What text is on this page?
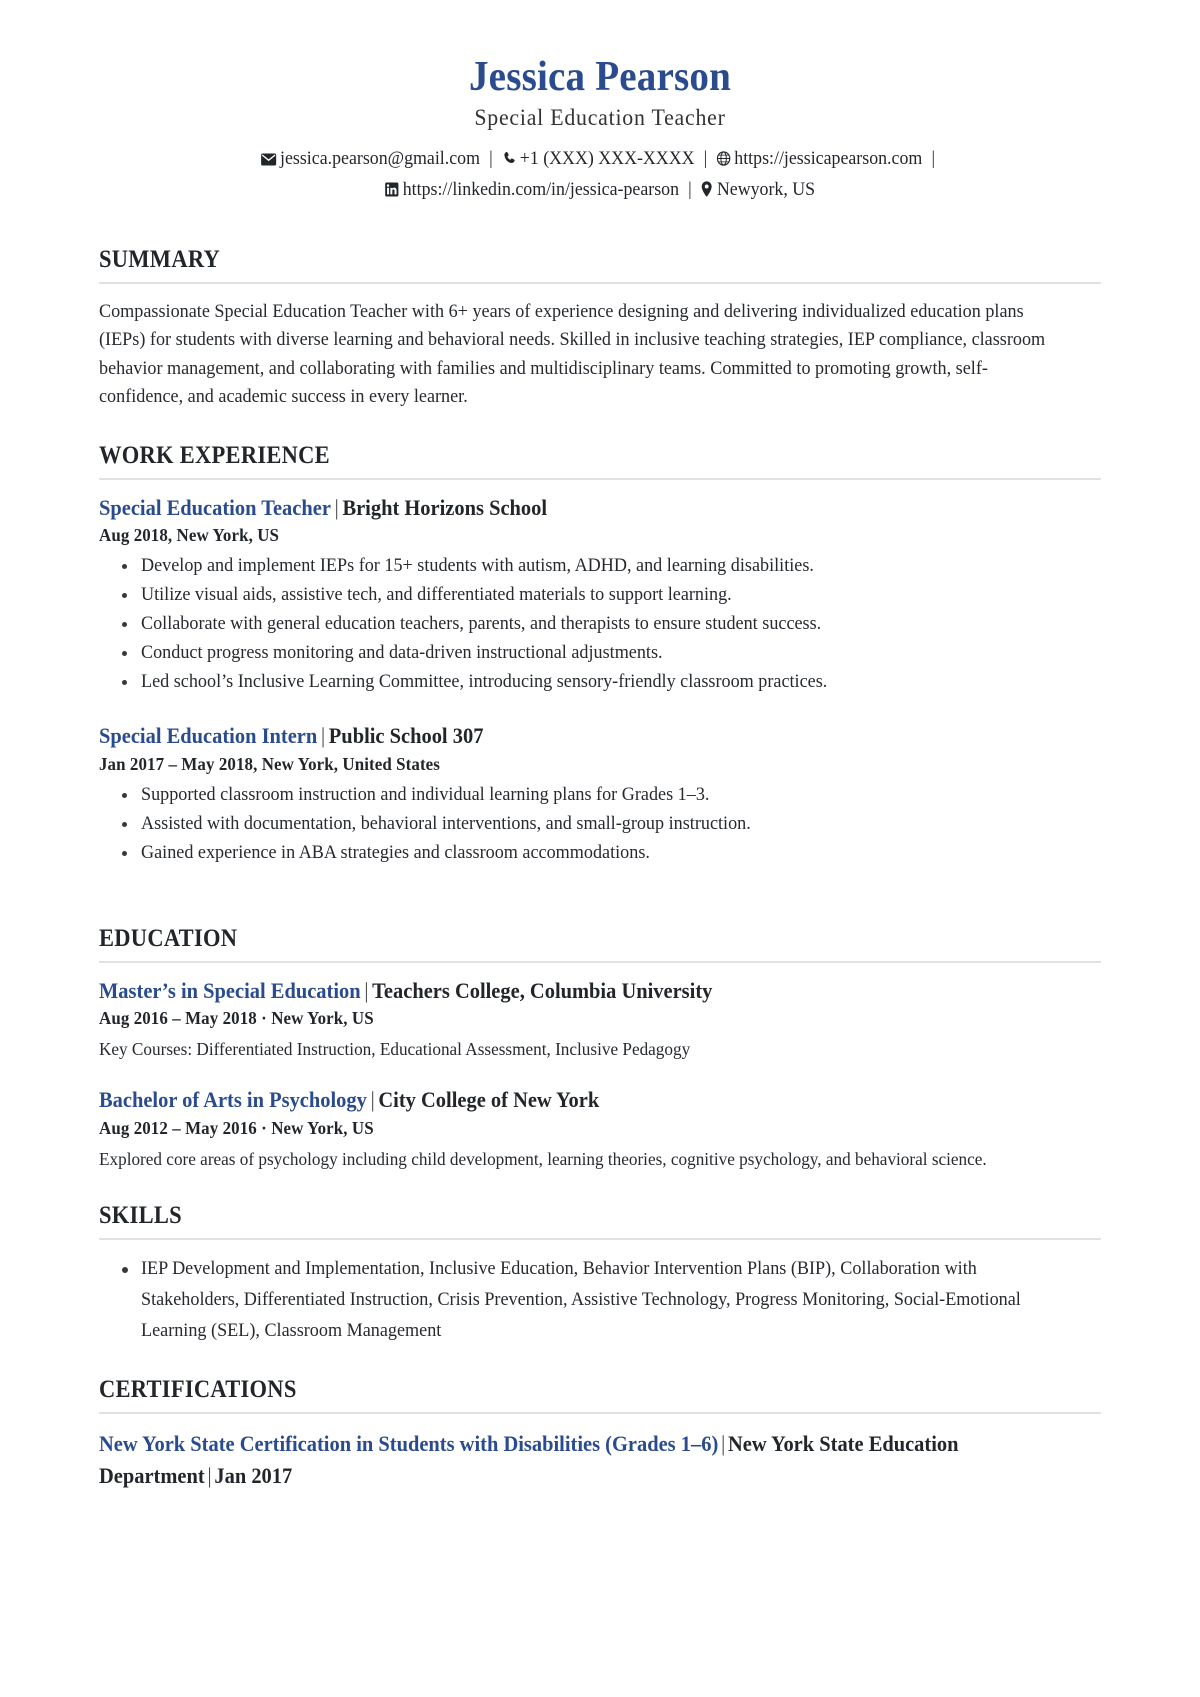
Jessica Pearson
Special Education Teacher
jessica.pearson@gmail.com | +1 (XXX) XXX-XXXX | https://jessicapearson.com |
https://linkedin.com/in/jessica-pearson | Newyork, US
SUMMARY

Compassionate Special Education Teacher with 6+ years of experience designing and delivering individualized education plans (IEPs) for students with diverse learning and behavioral needs. Skilled in inclusive teaching strategies, IEP compliance, classroom behavior management, and collaborating with families and multidisciplinary teams. Committed to promoting growth, self-confidence, and academic success in every learner.

WORK EXPERIENCE
Special Education Teacher | Bright Horizons School
Aug 2018, New York, US
Develop and implement IEPs for 15+ students with autism, ADHD, and learning disabilities.
Utilize visual aids, assistive tech, and differentiated materials to support learning.
Collaborate with general education teachers, parents, and therapists to ensure student success.
Conduct progress monitoring and data-driven instructional adjustments.
Led school’s Inclusive Learning Committee, introducing sensory-friendly classroom practices.
Special Education Intern | Public School 307
Jan 2017 – May 2018, New York, United States
Supported classroom instruction and individual learning plans for Grades 1–3.
Assisted with documentation, behavioral interventions, and small-group instruction.
Gained experience in ABA strategies and classroom accommodations.
EDUCATION
Master’s in Special Education | Teachers College, Columbia University
Aug 2016 – May 2018 · New York, US
Key Courses: Differentiated Instruction, Educational Assessment, Inclusive Pedagogy
Bachelor of Arts in Psychology | City College of New York
Aug 2012 – May 2016 · New York, US
Explored core areas of psychology including child development, learning theories, cognitive psychology, and behavioral science.
SKILLS
IEP Development and Implementation, Inclusive Education, Behavior Intervention Plans (BIP), Collaboration with Stakeholders, Differentiated Instruction, Crisis Prevention, Assistive Technology, Progress Monitoring, Social-Emotional Learning (SEL), Classroom Management
CERTIFICATIONS
New York State Certification in Students with Disabilities (Grades 1–6) | New York State Education Department | Jan 2017
